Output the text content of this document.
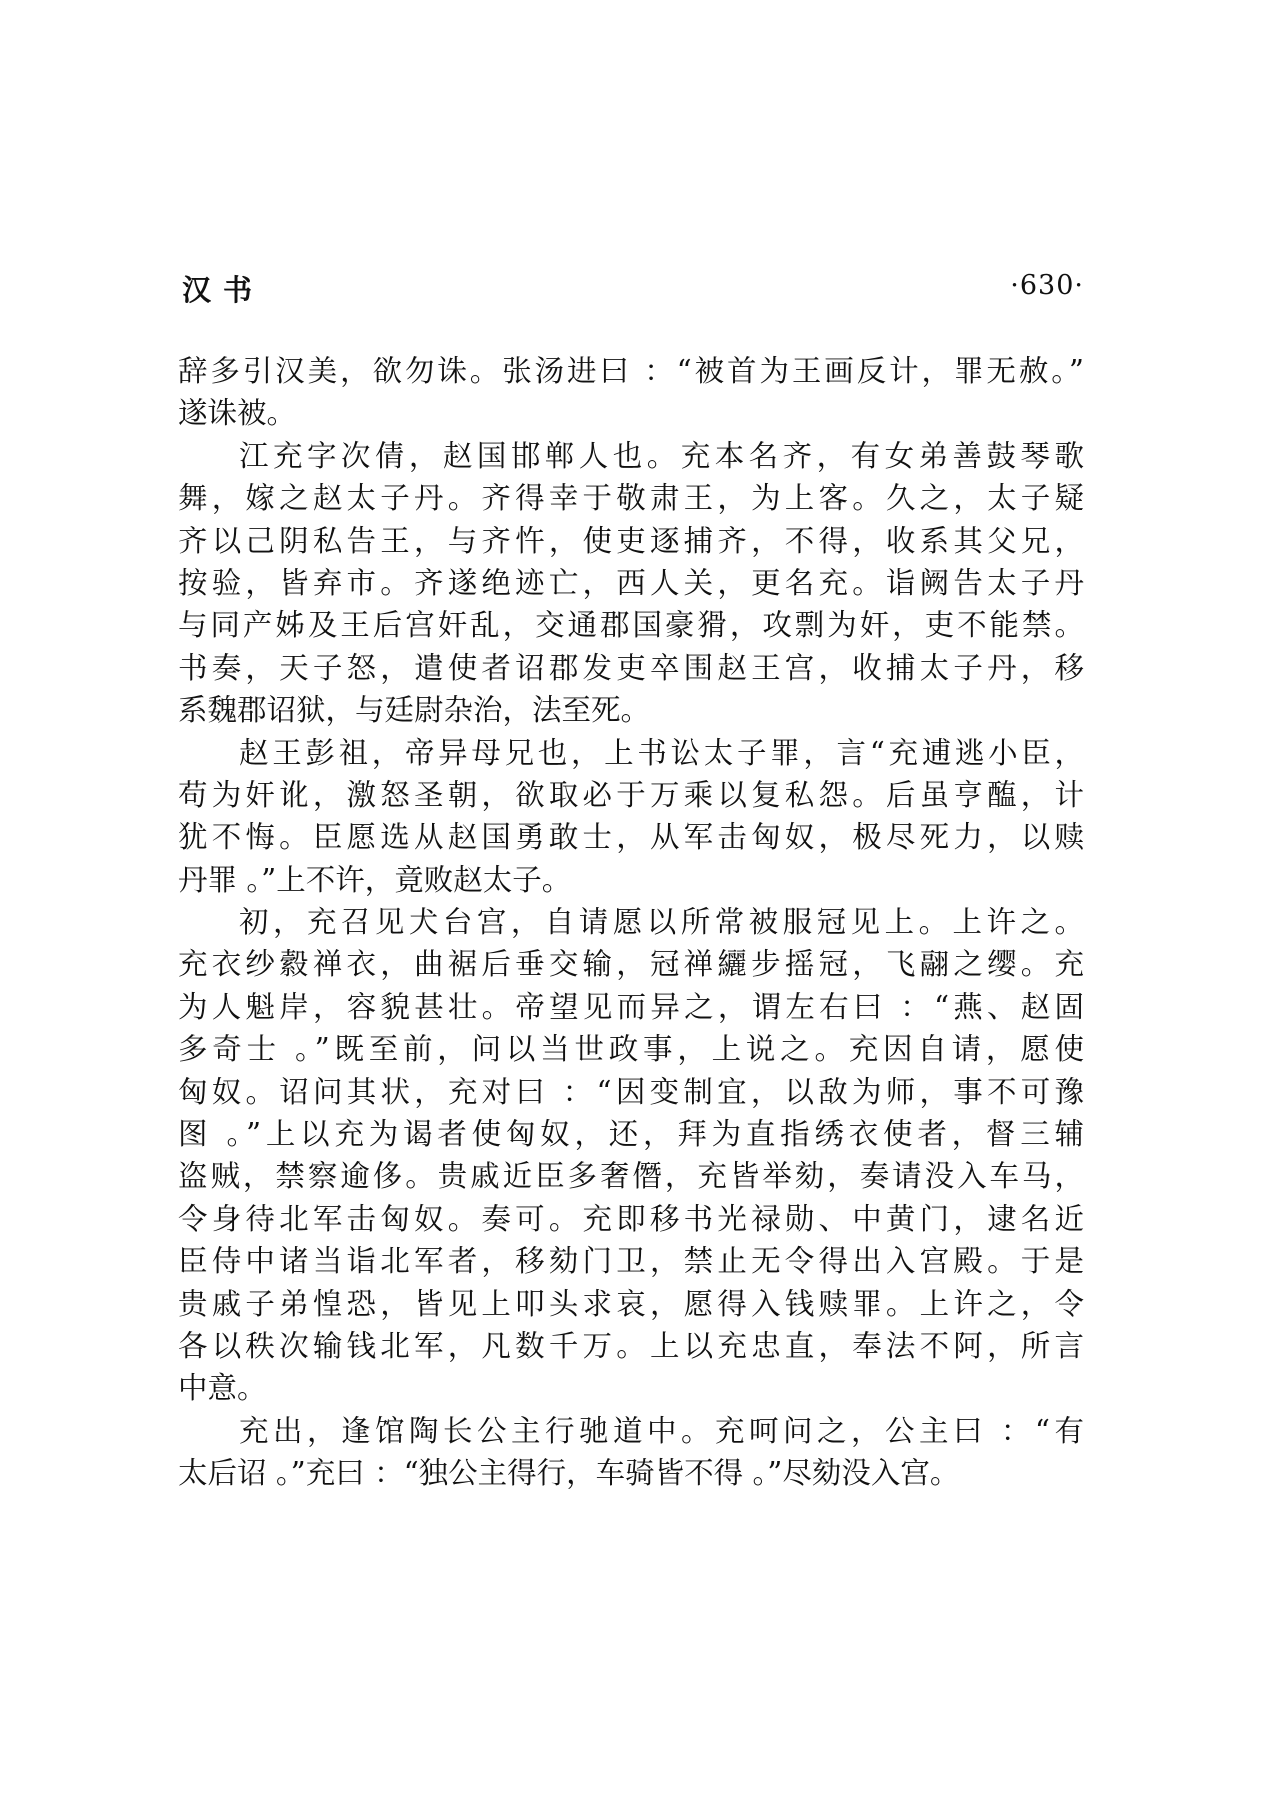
汉书	·630·
辞多引汉美，欲勿诛。张汤进曰 ：“被首为王画反计，罪无赦。”
遂诛被。
江充字次倩，赵国邯郸人也。充本名齐，有女弟善鼓琴歌
舞，嫁之赵太子丹。齐得幸于敬肃王，为上客。久之，太子疑
齐以己阴私告王，与齐忤，使吏逐捕齐，不得，收系其父兄，
按验，皆弃市。齐遂绝迹亡，西人关，更名充。诣阙告太子丹
与同产姊及王后宫奸乱，交通郡国豪猾，攻剽为奸，吏不能禁。
书奏，天子怒，遣使者诏郡发吏卒围赵王宫，收捕太子丹，移
系魏郡诏狱，与廷尉杂治，法至死。
赵王彭祖，帝异母兄也，上书讼太子罪，言“充逋逃小臣，
苟为奸讹，激怒圣朝，欲取必于万乘以复私怨。后虽亨醢，计
犹不悔。臣愿选从赵国勇敢士，从军击匈奴，极尽死力，以赎
丹罪 。”上不许，竟败赵太子。
初，充召见犬台宫，自请愿以所常被服冠见上。上许之。
充衣纱縠禅衣，曲裾后垂交输，冠禅纚步摇冠，飞翮之缨。充
为人魁岸，容貌甚壮。帝望见而异之，谓左右曰 ：“燕、赵固
多奇士 。”既至前，问以当世政事，上说之。充因自请，愿使
匈奴。诏问其状，充对曰 ：“因变制宜，以敌为师，事不可豫
图 。”上以充为谒者使匈奴，还，拜为直指绣衣使者，督三辅
盗贼，禁察逾侈。贵戚近臣多奢僭，充皆举劾，奏请没入车马，
令身待北军击匈奴。奏可。充即移书光禄勋、中黄门，逮名近
臣侍中诸当诣北军者，移劾门卫，禁止无令得出入宫殿。于是
贵戚子弟惶恐，皆见上叩头求哀，愿得入钱赎罪。上许之，令
各以秩次输钱北军，凡数千万。上以充忠直，奉法不阿，所言
中意。
充出，逢馆陶长公主行驰道中。充呵问之，公主曰 ：“有
太后诏 。”充曰 ：“独公主得行，车骑皆不得 。”尽劾没入宫。
